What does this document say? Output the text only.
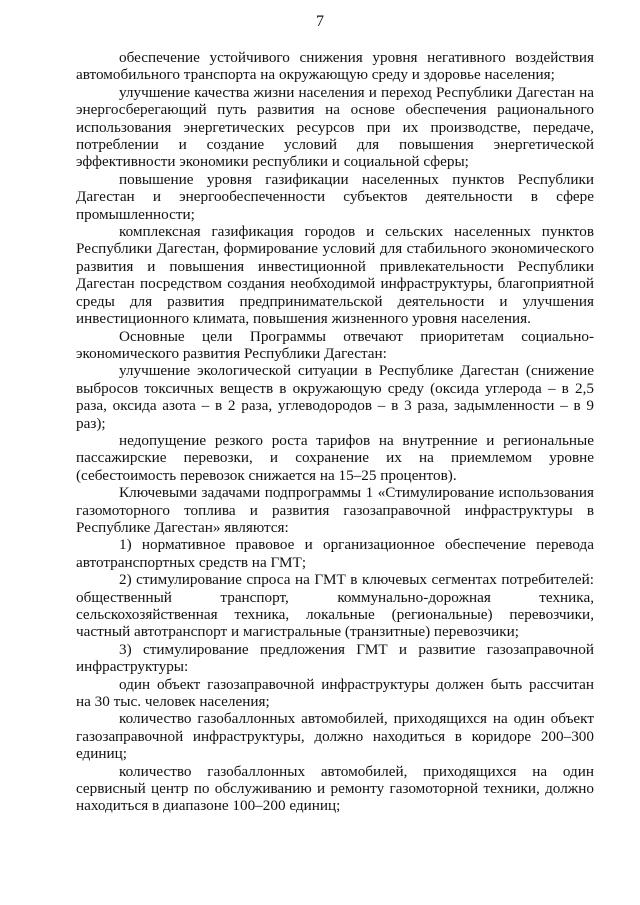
7

обеспечение устойчивого снижения уровня негативного воздействия автомобильного транспорта на окружающую среду и здоровье населения;

улучшение качества жизни населения и переход Республики Дагестан на энергосберегающий путь развития на основе обеспечения рационального использования энергетических ресурсов при их производстве, передаче, потреблении и создание условий для повышения энергетической эффективности экономики республики и социальной сферы;

повышение уровня газификации населенных пунктов Республики Дагестан и энергообеспеченности субъектов деятельности в сфере промышленности;

комплексная газификация городов и сельских населенных пунктов Республики Дагестан, формирование условий для стабильного экономического развития и повышения инвестиционной привлекательности Республики Дагестан посредством создания необходимой инфраструктуры, благоприятной среды для развития предпринимательской деятельности и улучшения инвестиционного климата, повышения жизненного уровня населения.

Основные цели Программы отвечают приоритетам социально-экономического развития Республики Дагестан:

улучшение экологической ситуации в Республике Дагестан (снижение выбросов токсичных веществ в окружающую среду (оксида углерода – в 2,5 раза, оксида азота – в 2 раза, углеводородов – в 3 раза, задымленности – в 9 раз);

недопущение резкого роста тарифов на внутренние и региональные пассажирские перевозки, и сохранение их на приемлемом уровне (себестоимость перевозок снижается на 15–25 процентов).

Ключевыми задачами подпрограммы 1 «Стимулирование использования газомоторного топлива и развития газозаправочной инфраструктуры в Республике Дагестан» являются:

1) нормативное правовое и организационное обеспечение перевода автотранспортных средств на ГМТ;

2) стимулирование спроса на ГМТ в ключевых сегментах потребителей: общественный транспорт, коммунально-дорожная техника, сельскохозяйственная техника, локальные (региональные) перевозчики, частный автотранспорт и магистральные (транзитные) перевозчики;

3) стимулирование предложения ГМТ и развитие газозаправочной инфраструктуры:

один объект газозаправочной инфраструктуры должен быть рассчитан на 30 тыс. человек населения;

количество газобаллонных автомобилей, приходящихся на один объект газозаправочной инфраструктуры, должно находиться в коридоре 200–300 единиц;

количество газобаллонных автомобилей, приходящихся на один сервисный центр по обслуживанию и ремонту газомоторной техники, должно находиться в диапазоне 100–200 единиц;
